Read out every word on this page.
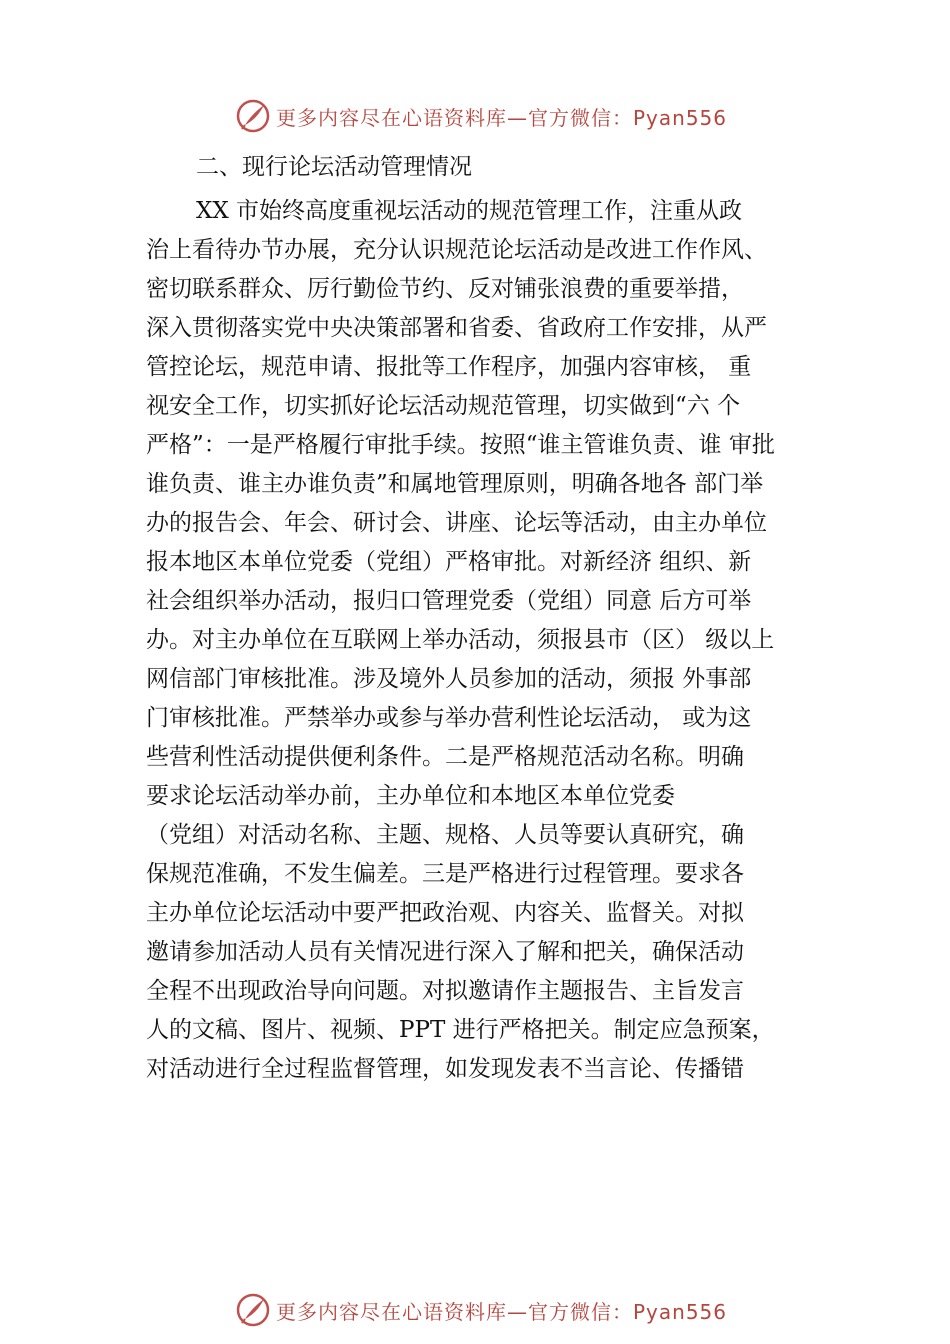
更多内容尽在心语资料库—官方微信：Pyan556
二、现行论坛活动管理情况
XX 市始终高度重视坛活动的规范管理工作，注重从政
治上看待办节办展，充分认识规范论坛活动是改进工作作风、
密切联系群众、厉行勤俭节约、反对铺张浪费的重要举措，
深入贯彻落实党中央决策部署和省委、省政府工作安排，从严
管控论坛，规范申请、报批等工作程序，加强内容审核， 重
视安全工作，切实抓好论坛活动规范管理，切实做到“六 个
严格”：一是严格履行审批手续。按照“谁主管谁负责、谁 审批
谁负责、谁主办谁负责”和属地管理原则，明确各地各 部门举
办的报告会、年会、研讨会、讲座、论坛等活动，由主办单位
报本地区本单位党委（党组）严格审批。对新经济 组织、新
社会组织举办活动，报归口管理党委（党组）同意 后方可举
办。对主办单位在互联网上举办活动，须报县市（区） 级以上
网信部门审核批准。涉及境外人员参加的活动，须报 外事部
门审核批准。严禁举办或参与举办营利性论坛活动， 或为这
些营利性活动提供便利条件。二是严格规范活动名称。明确
要求论坛活动举办前，主办单位和本地区本单位党委
（党组）对活动名称、主题、规格、人员等要认真研究，确
保规范准确，不发生偏差。三是严格进行过程管理。要求各
主办单位论坛活动中要严把政治观、内容关、监督关。对拟
邀请参加活动人员有关情况进行深入了解和把关，确保活动
全程不出现政治导向问题。对拟邀请作主题报告、主旨发言
人的文稿、图片、视频、PPT 进行严格把关。制定应急预案，
对活动进行全过程监督管理，如发现发表不当言论、传播错
更多内容尽在心语资料库—官方微信：Pyan556
